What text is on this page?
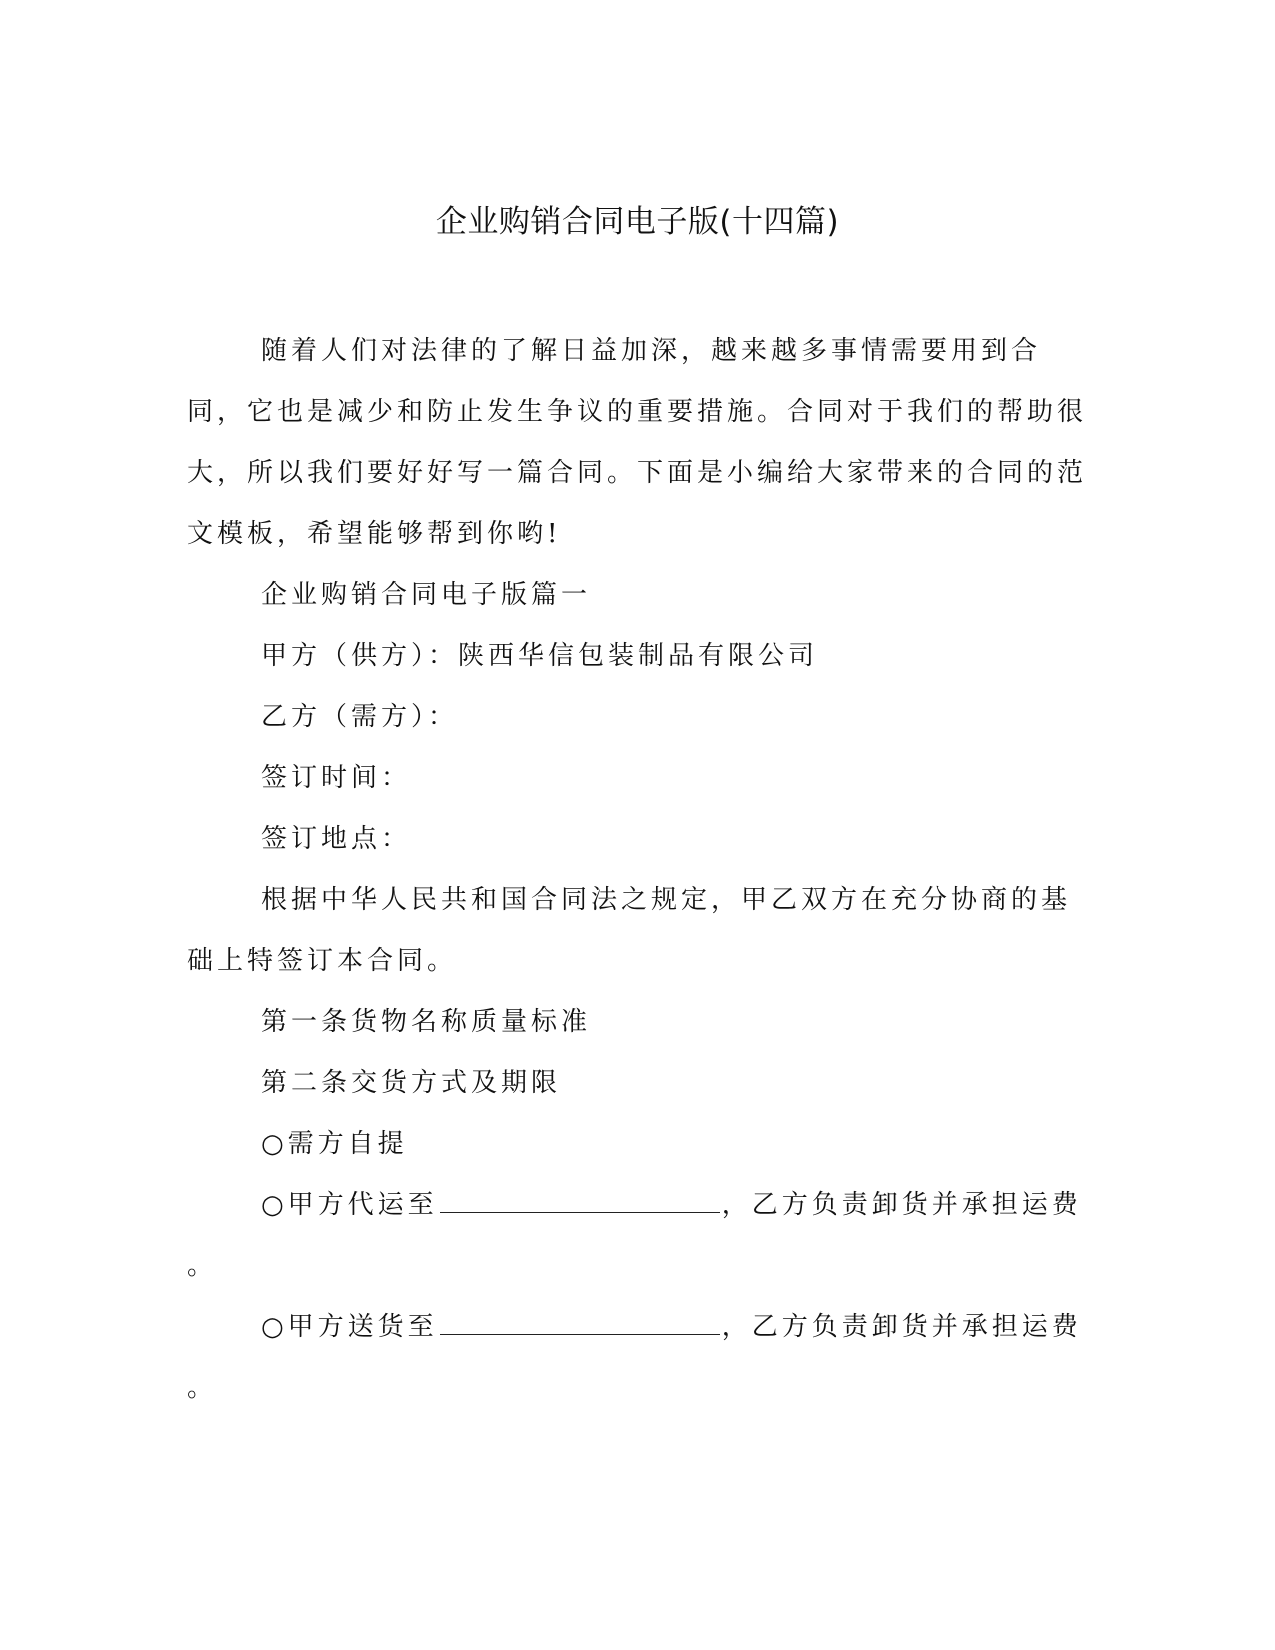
企业购销合同电子版(十四篇)

随着人们对法律的了解日益加深，越来越多事情需要用到合同，它也是减少和防止发生争议的重要措施。合同对于我们的帮助很大，所以我们要好好写一篇合同。下面是小编给大家带来的合同的范文模板，希望能够帮到你哟!

企业购销合同电子版篇一

甲方（供方）：陕西华信包装制品有限公司

乙方（需方）：

签订时间：

签订地点：

根据中华人民共和国合同法之规定，甲乙双方在充分协商的基础上特签订本合同。

第一条货物名称质量标准

第二条交货方式及期限

○需方自提

○甲方代运至	，乙方负责卸货并承担运费

。

○甲方送货至	，乙方负责卸货并承担运费

。
